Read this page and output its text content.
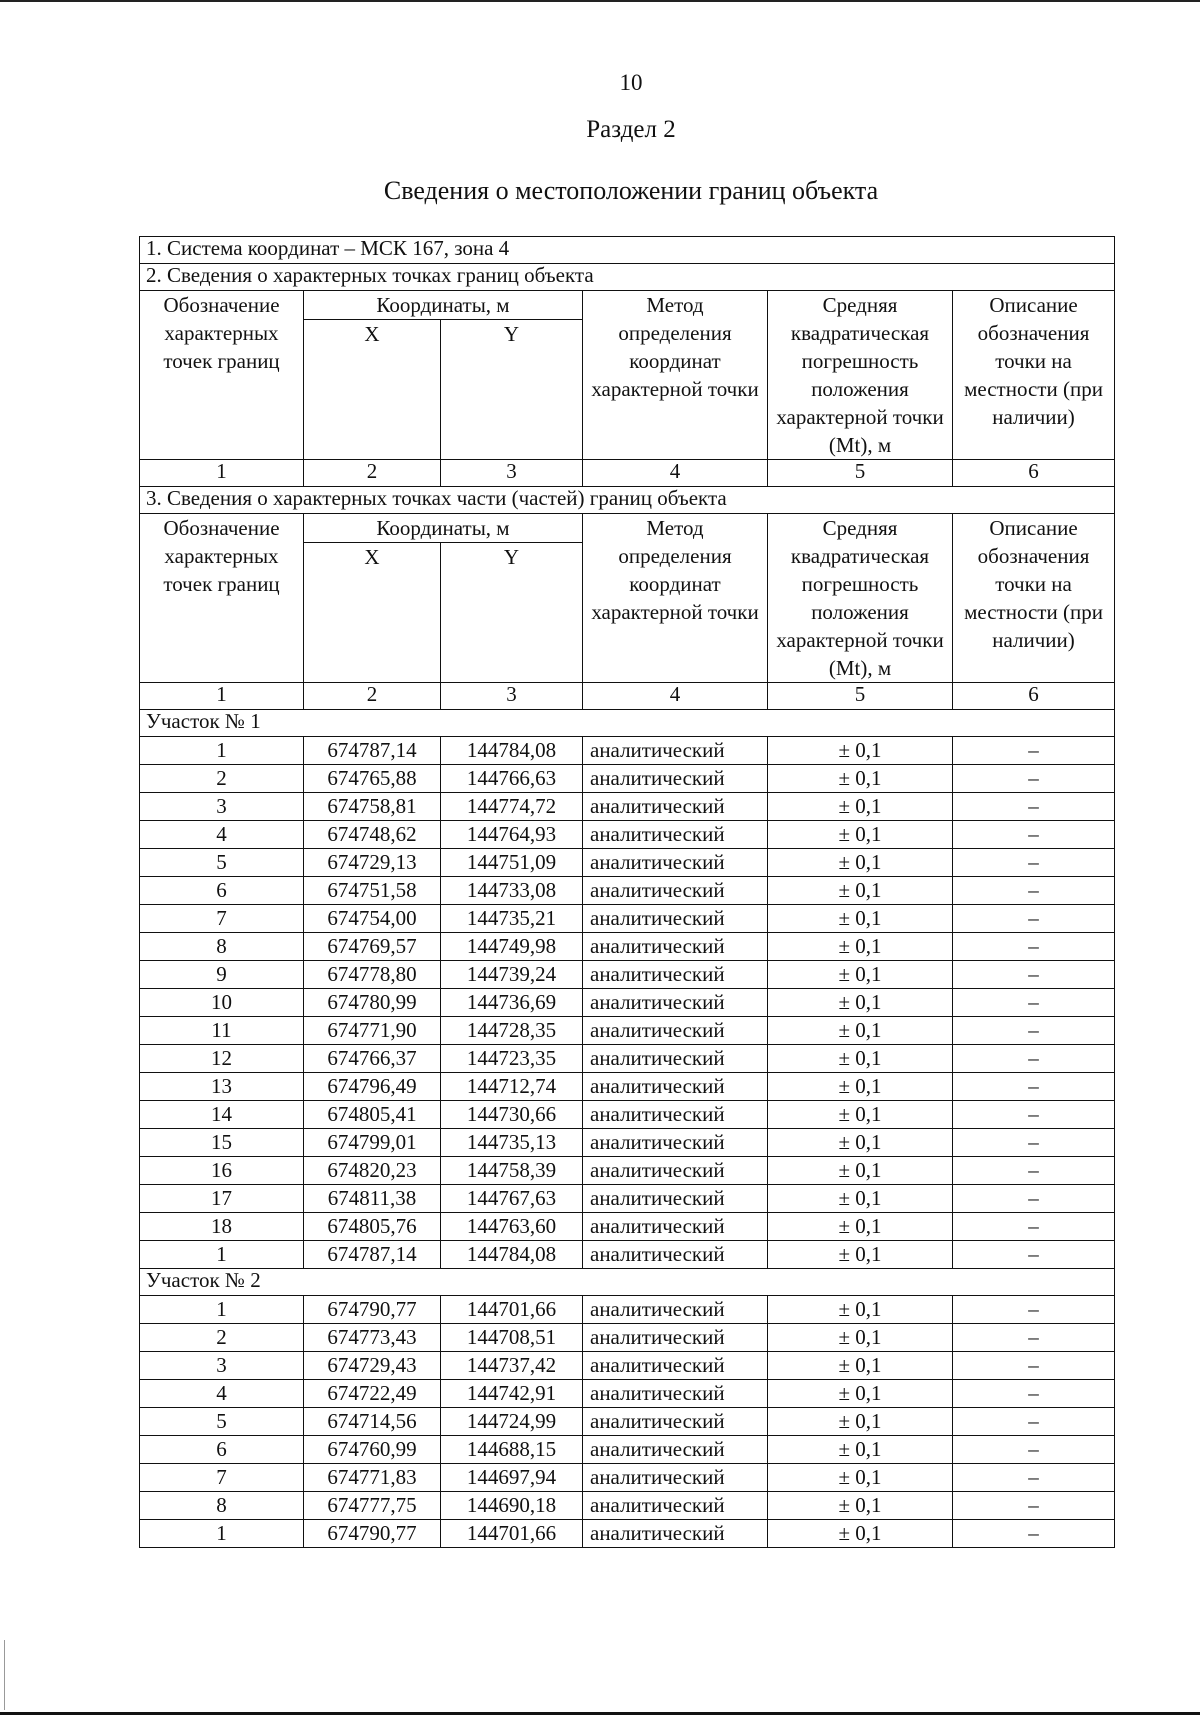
10
Раздел 2
Сведения о местоположении границ объекта
1. Система координат – МСК 167, зона 4					
2. Сведения о характерных точках границ объекта					
Обозначение характерных точек границ	Координаты, м		Метод определения координат характерной точки	Средняя квадратическая погрешность положения характерной точки (Mt), м	Описание обозначения точки на местности (при наличии)
	X	Y			
1	2	3	4	5	6
3. Сведения о характерных точках части (частей) границ объекта					
Обозначение характерных точек границ	Координаты, м		Метод определения координат характерной точки	Средняя квадратическая погрешность положения характерной точки (Mt), м	Описание обозначения точки на местности (при наличии)
	X	Y			
1	2	3	4	5	6
Участок № 1					
1	674787,14	144784,08	аналитический	± 0,1	–
2	674765,88	144766,63	аналитический	± 0,1	–
3	674758,81	144774,72	аналитический	± 0,1	–
4	674748,62	144764,93	аналитический	± 0,1	–
5	674729,13	144751,09	аналитический	± 0,1	–
6	674751,58	144733,08	аналитический	± 0,1	–
7	674754,00	144735,21	аналитический	± 0,1	–
8	674769,57	144749,98	аналитический	± 0,1	–
9	674778,80	144739,24	аналитический	± 0,1	–
10	674780,99	144736,69	аналитический	± 0,1	–
11	674771,90	144728,35	аналитический	± 0,1	–
12	674766,37	144723,35	аналитический	± 0,1	–
13	674796,49	144712,74	аналитический	± 0,1	–
14	674805,41	144730,66	аналитический	± 0,1	–
15	674799,01	144735,13	аналитический	± 0,1	–
16	674820,23	144758,39	аналитический	± 0,1	–
17	674811,38	144767,63	аналитический	± 0,1	–
18	674805,76	144763,60	аналитический	± 0,1	–
1	674787,14	144784,08	аналитический	± 0,1	–
Участок № 2					
1	674790,77	144701,66	аналитический	± 0,1	–
2	674773,43	144708,51	аналитический	± 0,1	–
3	674729,43	144737,42	аналитический	± 0,1	–
4	674722,49	144742,91	аналитический	± 0,1	–
5	674714,56	144724,99	аналитический	± 0,1	–
6	674760,99	144688,15	аналитический	± 0,1	–
7	674771,83	144697,94	аналитический	± 0,1	–
8	674777,75	144690,18	аналитический	± 0,1	–
1	674790,77	144701,66	аналитический	± 0,1	–
